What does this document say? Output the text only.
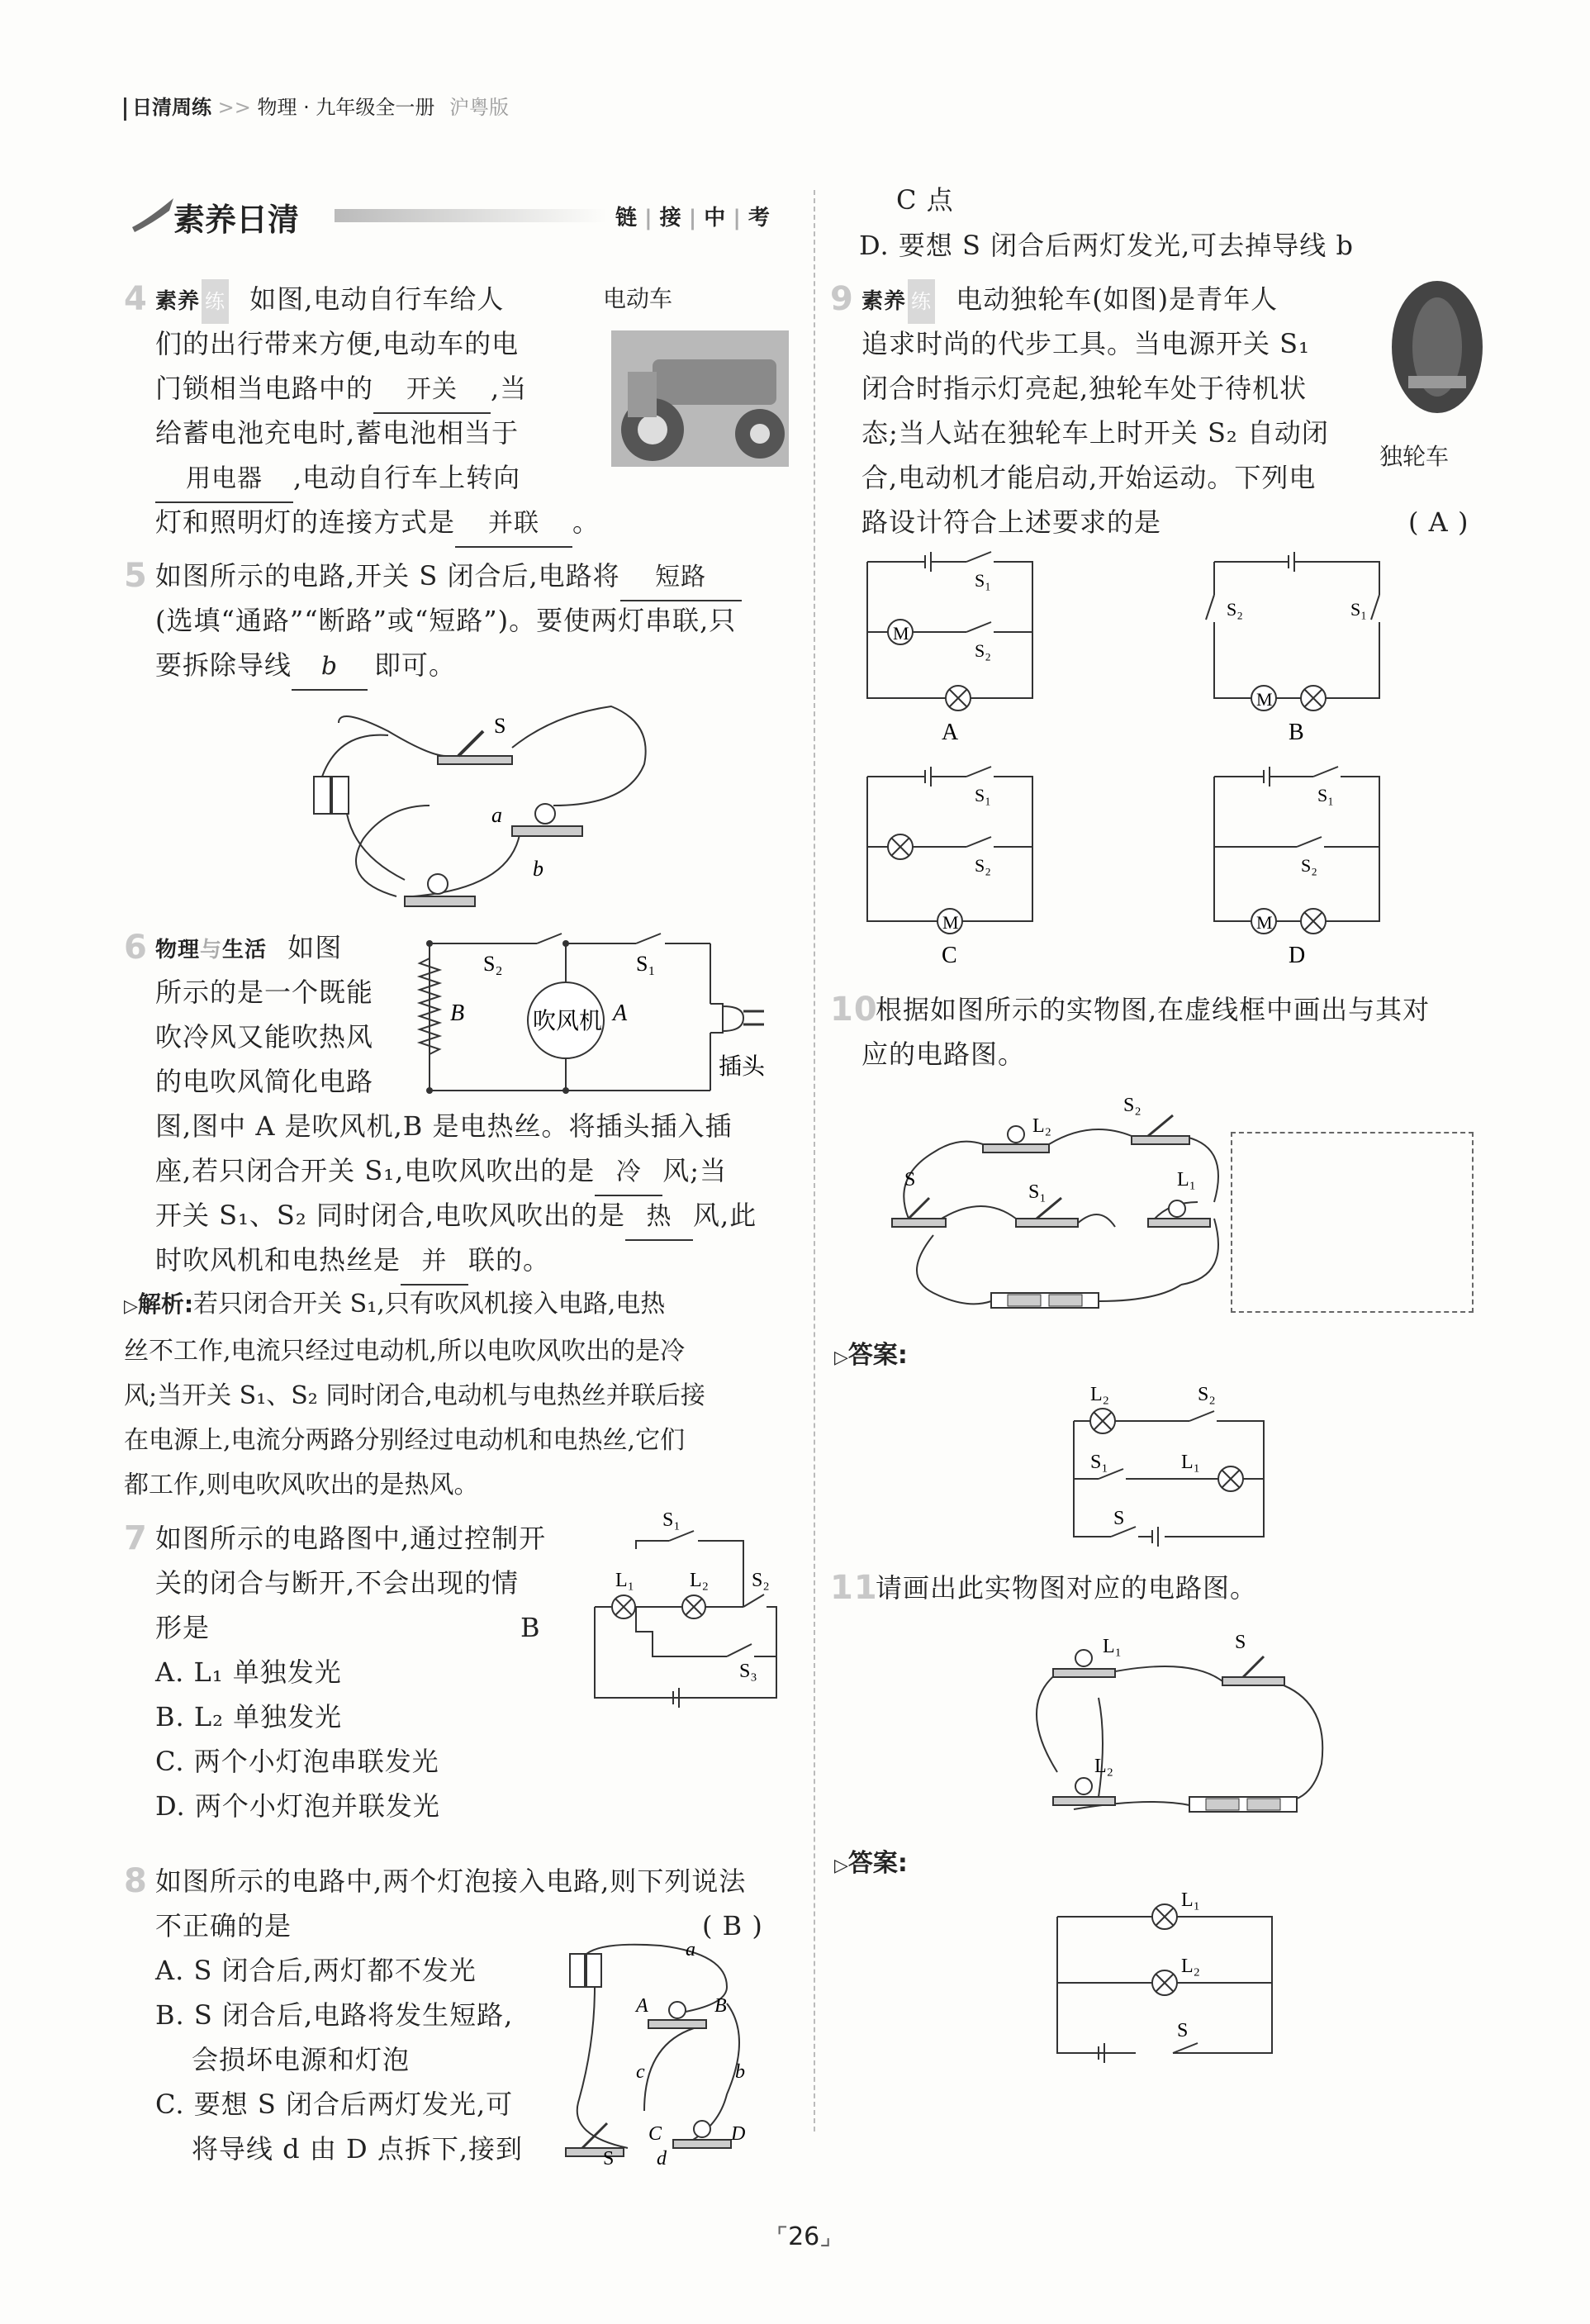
日清周练 >> 物理 · 九年级全一册 沪粤版
素养日清	链 | 接 | 中 | 考
4 素养 练 如图,电动自行车给人
们的出行带来方便,电动车的电
门锁相当电路中的 开关 ,当
给蓄电池充电时,蓄电池相当于
用电器 ,电动自行车上转向
灯和照明灯的连接方式是 并联 。
电动车
5 如图所示的电路,开关 S 闭合后,电路将 短路
(选填“通路”“断路”或“短路”)。要使两灯串联,只
要拆除导线 b 即可。
S
a
b
6 物理与生活 如图
所示的是一个既能
吹冷风又能吹热风
的电吹风简化电路
图,图中 A 是吹风机,B 是电热丝。将插头插入插
座,若只闭合开关 S₁,电吹风吹出的是 冷 风;当
开关 S₁、S₂ 同时闭合,电吹风吹出的是 热 风,此
时吹风机和电热丝是 并 联的。
吹风机
S₂	S₁
B	A
插头
▷解析:若只闭合开关 S₁,只有吹风机接入电路,电热
丝不工作,电流只经过电动机,所以电吹风吹出的是冷
风;当开关 S₁、S₂ 同时闭合,电动机与电热丝并联后接
在电源上,电流分两路分别经过电动机和电热丝,它们
都工作,则电吹风吹出的是热风。
7 如图所示的电路图中,通过控制开
关的闭合与断开,不会出现的情
形是	B
A. L₁ 单独发光
B. L₂ 单独发光
C. 两个小灯泡串联发光
D. 两个小灯泡并联发光
S₁
L₁	L₂ S₂
S₃
8 如图所示的电路中,两个灯泡接入电路,则下列说法
不正确的是	( B )
A. S 闭合后,两灯都不发光
B. S 闭合后,电路将发生短路,
会损坏电源和灯泡
C. 要想 S 闭合后两灯发光,可
将导线 d 由 D 点拆下,接到
a
A	B
c	b
C	D
S d
C 点
D. 要想 S 闭合后两灯发光,可去掉导线 b
9 素养 练 电动独轮车(如图)是青年人
追求时尚的代步工具。当电源开关 S₁
闭合时指示灯亮起,独轮车处于待机状
态;当人站在独轮车上时开关 S₂ 自动闭
合,电动机才能启动,开始运动。下列电
路设计符合上述要求的是	( A )
独轮车
M
S₁
S₂
A
M
S₂	S₁
B
M
S₁
S₂
C
M
S₁
S₂
D
10
根据如图所示的实物图,在虚线框中画出与其对
应的电路图。
L₂
S₂
S
S₁
L₁
▷答案:
L₂	S₂
S₁	L₁
S
11
请画出此实物图对应的电路图。
L₁	S
L₂
▷答案:
L₁
L₂
S
⌜26⌟
